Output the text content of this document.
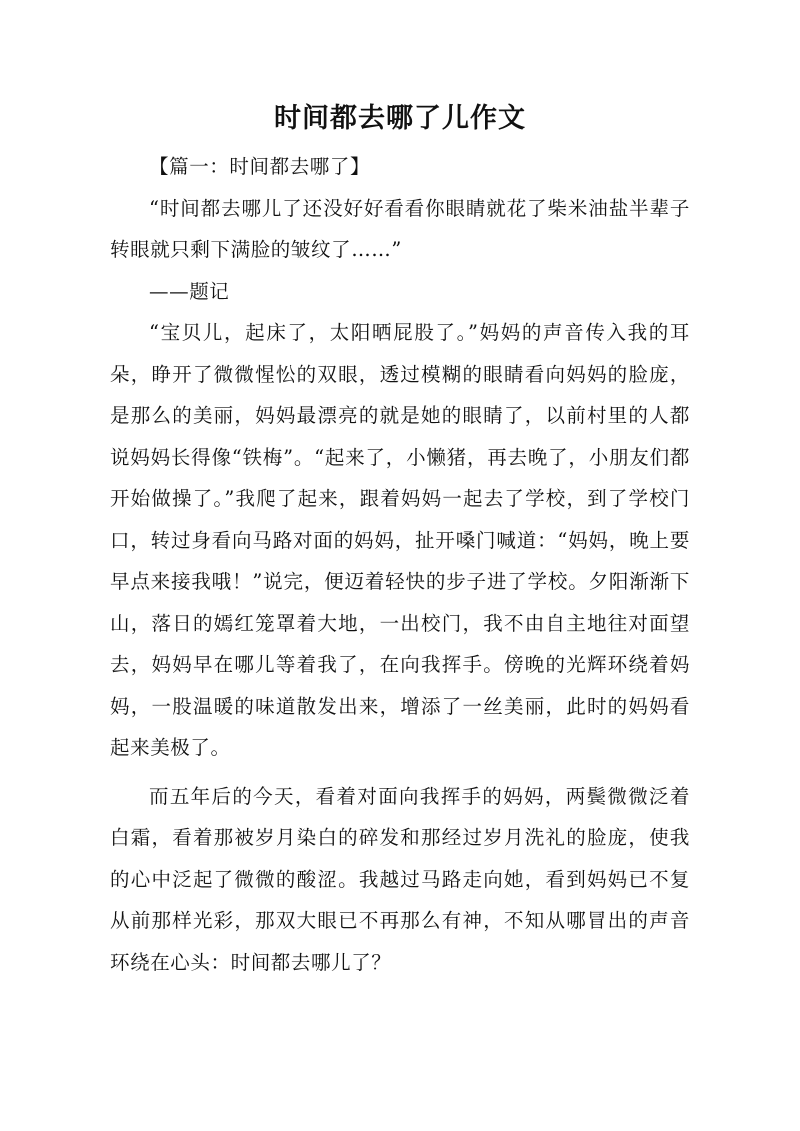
时间都去哪了儿作文

【篇一：时间都去哪了】

“时间都去哪儿了还没好好看看你眼睛就花了柴米油盐半辈子转眼就只剩下满脸的皱纹了……”

——题记

“宝贝儿，起床了，太阳晒屁股了。”妈妈的声音传入我的耳朵，睁开了微微惺忪的双眼，透过模糊的眼睛看向妈妈的脸庞，是那么的美丽，妈妈最漂亮的就是她的眼睛了，以前村里的人都说妈妈长得像“铁梅”。“起来了，小懒猪，再去晚了，小朋友们都开始做操了。”我爬了起来，跟着妈妈一起去了学校，到了学校门口，转过身看向马路对面的妈妈，扯开嗓门喊道：“妈妈，晚上要早点来接我哦！”说完，便迈着轻快的步子进了学校。夕阳渐渐下山，落日的嫣红笼罩着大地，一出校门，我不由自主地往对面望去，妈妈早在哪儿等着我了，在向我挥手。傍晚的光辉环绕着妈妈，一股温暖的味道散发出来，增添了一丝美丽，此时的妈妈看起来美极了。

而五年后的今天，看着对面向我挥手的妈妈，两鬓微微泛着白霜，看着那被岁月染白的碎发和那经过岁月洗礼的脸庞，使我的心中泛起了微微的酸涩。我越过马路走向她，看到妈妈已不复从前那样光彩，那双大眼已不再那么有神，不知从哪冒出的声音环绕在心头：时间都去哪儿了？
